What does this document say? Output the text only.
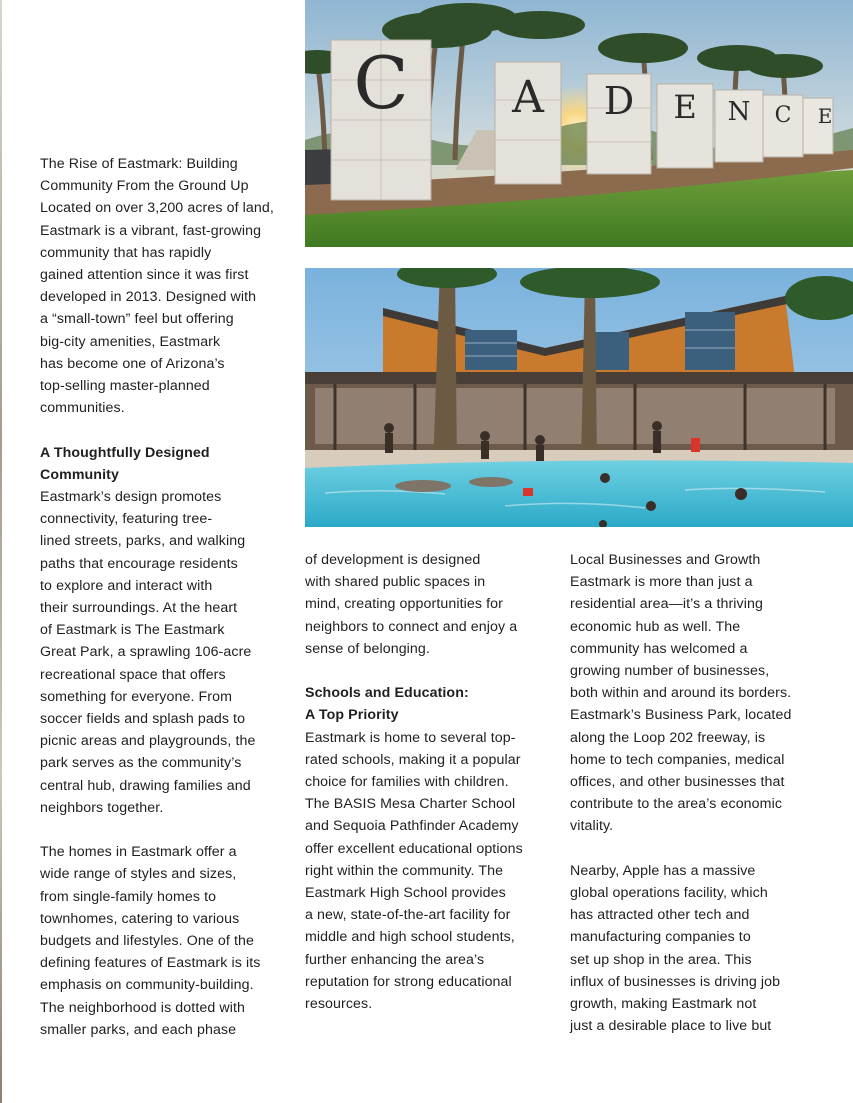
The Rise of Eastmark: Building

Community From the Ground Up

Located on over 3,200 acres of land,

Eastmark is a vibrant, fast-growing

community that has rapidly

gained attention since it was first

developed in 2013. Designed with

a “small-town” feel but offering

big-city amenities, Eastmark

has become one of Arizona’s

top-selling master-planned

communities.

A Thoughtfully Designed

Community

Eastmark’s design promotes

connectivity, featuring tree-

lined streets, parks, and walking

paths that encourage residents

to explore and interact with

their surroundings. At the heart

of Eastmark is The Eastmark

Great Park, a sprawling 106-acre

recreational space that offers

something for everyone. From

soccer fields and splash pads to

picnic areas and playgrounds, the

park serves as the community’s

central hub, drawing families and

neighbors together.

The homes in Eastmark offer a

wide range of styles and sizes,

from single-family homes to

townhomes, catering to various

budgets and lifestyles. One of the

defining features of Eastmark is its

emphasis on community-building.

The neighborhood is dotted with

smaller parks, and each phase

of development is designed

with shared public spaces in

mind, creating opportunities for

neighbors to connect and enjoy a

sense of belonging.

Schools and Education:

A Top Priority

Eastmark is home to several top-

rated schools, making it a popular

choice for families with children.

The BASIS Mesa Charter School

and Sequoia Pathfinder Academy

offer excellent educational options

right within the community. The

Eastmark High School provides

a new, state-of-the-art facility for

middle and high school students,

further enhancing the area’s

reputation for strong educational

resources.

Local Businesses and Growth

Eastmark is more than just a

residential area—it’s a thriving

economic hub as well. The

community has welcomed a

growing number of businesses,

both within and around its borders.

Eastmark’s Business Park, located

along the Loop 202 freeway, is

home to tech companies, medical

offices, and other businesses that

contribute to the area’s economic

vitality.

Nearby, Apple has a massive

global operations facility, which

has attracted other tech and

manufacturing companies to

set up shop in the area. This

influx of businesses is driving job

growth, making Eastmark not

just a desirable place to live but

C A D E N C E
